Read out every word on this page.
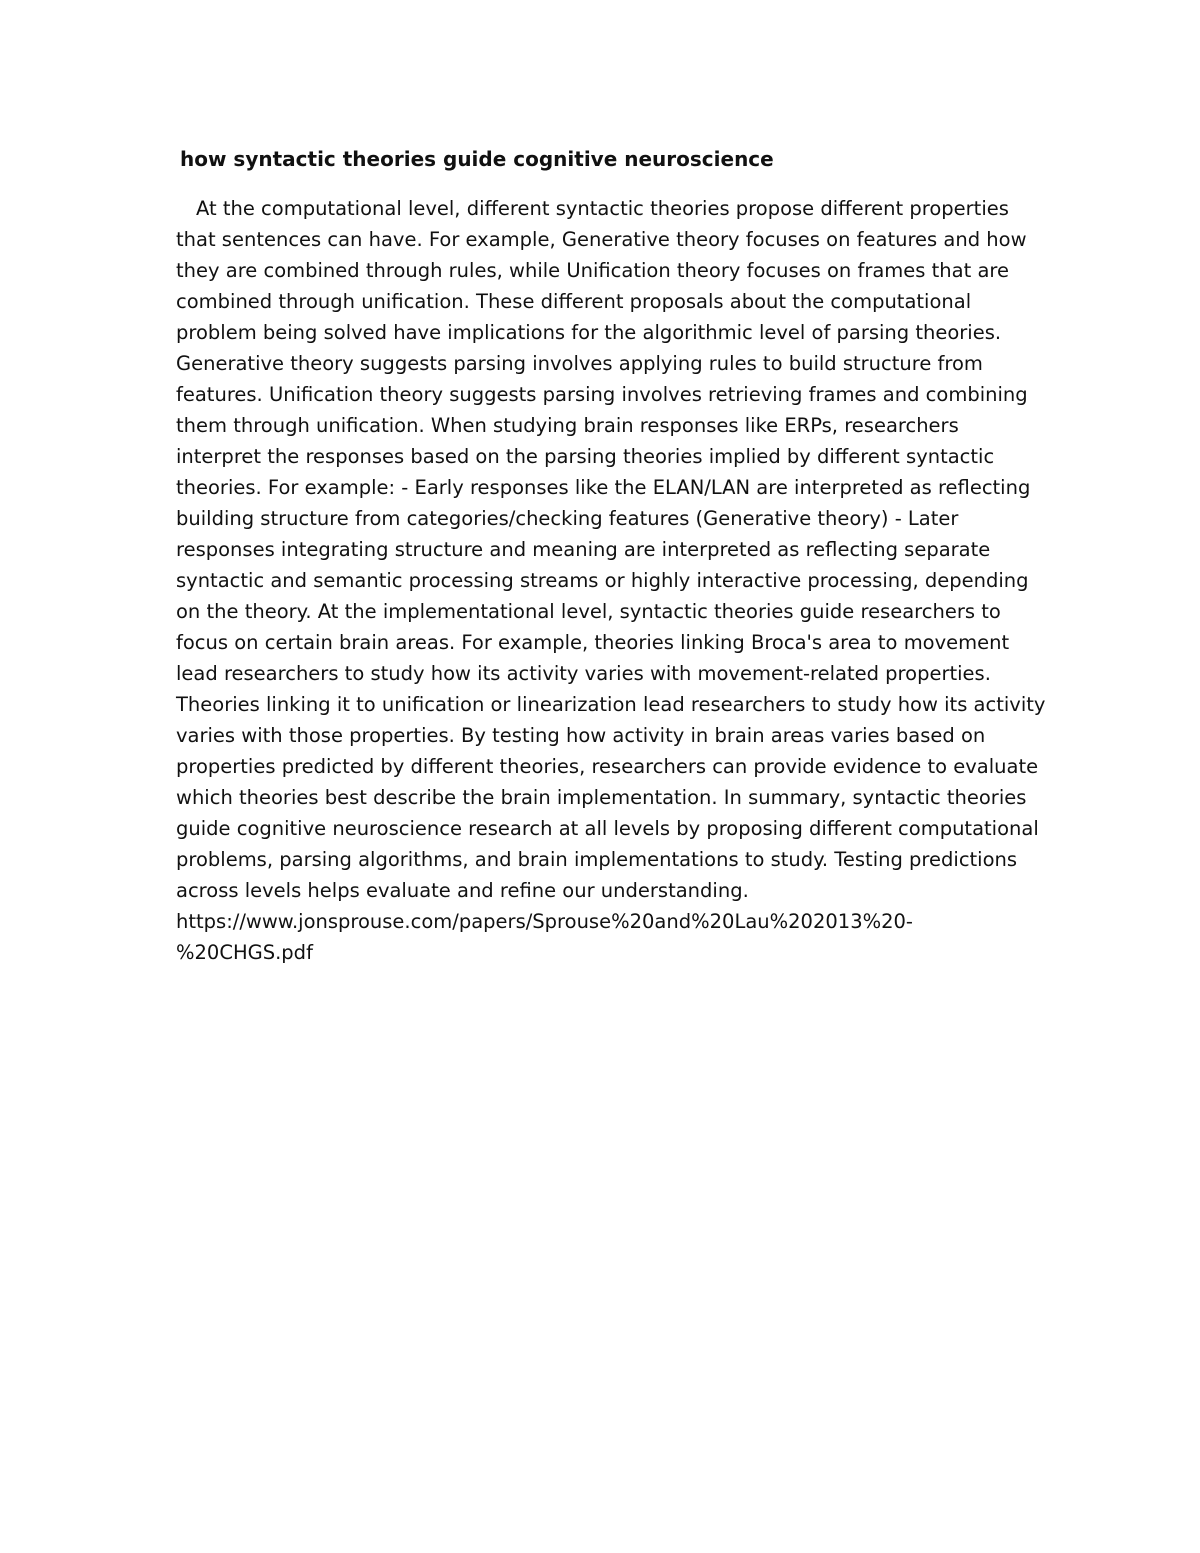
how syntactic theories guide cognitive neuroscience
At the computational level, different syntactic theories propose different properties
that sentences can have. For example, Generative theory focuses on features and how
they are combined through rules, while Unification theory focuses on frames that are
combined through unification. These different proposals about the computational
problem being solved have implications for the algorithmic level of parsing theories.
Generative theory suggests parsing involves applying rules to build structure from
features. Unification theory suggests parsing involves retrieving frames and combining
them through unification. When studying brain responses like ERPs, researchers
interpret the responses based on the parsing theories implied by different syntactic
theories. For example: - Early responses like the ELAN/LAN are interpreted as reflecting
building structure from categories/checking features (Generative theory) - Later
responses integrating structure and meaning are interpreted as reflecting separate
syntactic and semantic processing streams or highly interactive processing, depending
on the theory. At the implementational level, syntactic theories guide researchers to
focus on certain brain areas. For example, theories linking Broca's area to movement
lead researchers to study how its activity varies with movement-related properties.
Theories linking it to unification or linearization lead researchers to study how its activity
varies with those properties. By testing how activity in brain areas varies based on
properties predicted by different theories, researchers can provide evidence to evaluate
which theories best describe the brain implementation. In summary, syntactic theories
guide cognitive neuroscience research at all levels by proposing different computational
problems, parsing algorithms, and brain implementations to study. Testing predictions
across levels helps evaluate and refine our understanding.
https://www.jonsprouse.com/papers/Sprouse%20and%20Lau%202013%20-
%20CHGS.pdf
